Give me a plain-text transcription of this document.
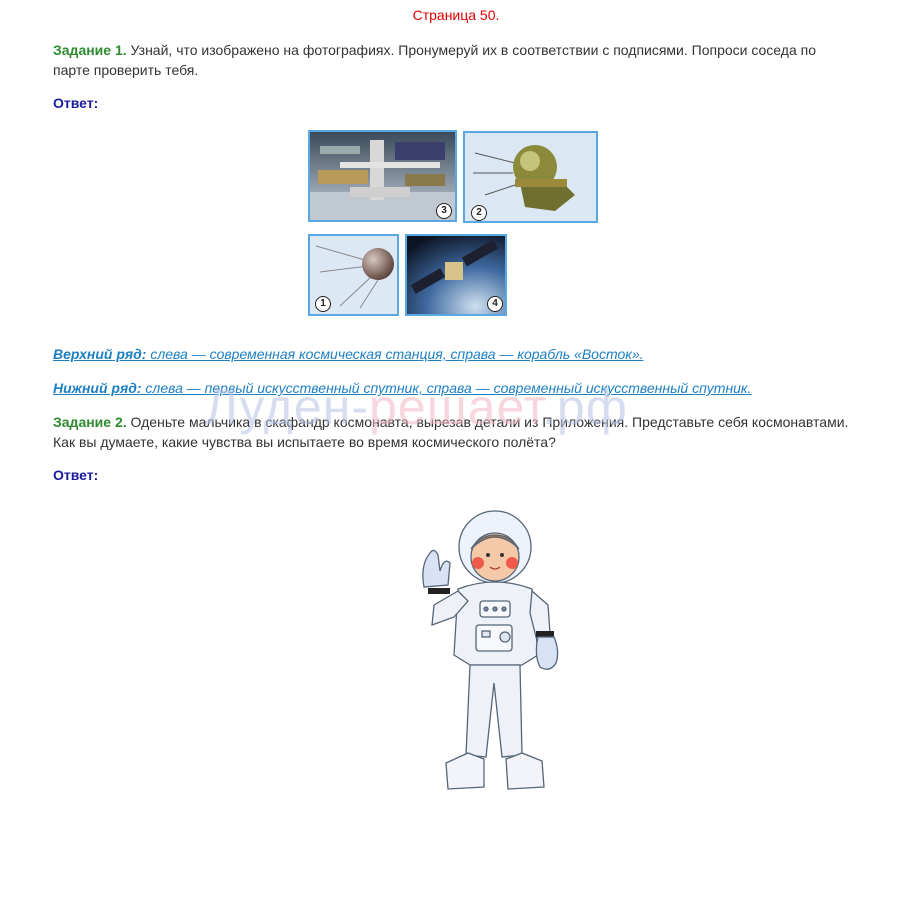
Страница 50.
Задание 1. Узнай, что изображено на фотографиях. Пронумеруй их в соответствии с подписями. Попроси соседа по парте проверить тебя.
Ответ:
3	2
1	4
Верхний ряд: слева — современная космическая станция, справа — корабль «Восток».
Нижний ряд: слева — первый искусственный спутник, справа — современный искусственный спутник.
Задание 2. Оденьте мальчика в скафандр космонавта, вырезав детали из Приложения. Представьте себя космонавтами. Как вы думаете, какие чувства вы испытаете во время космического полёта?
Ответ:
Луден-решает.рф
